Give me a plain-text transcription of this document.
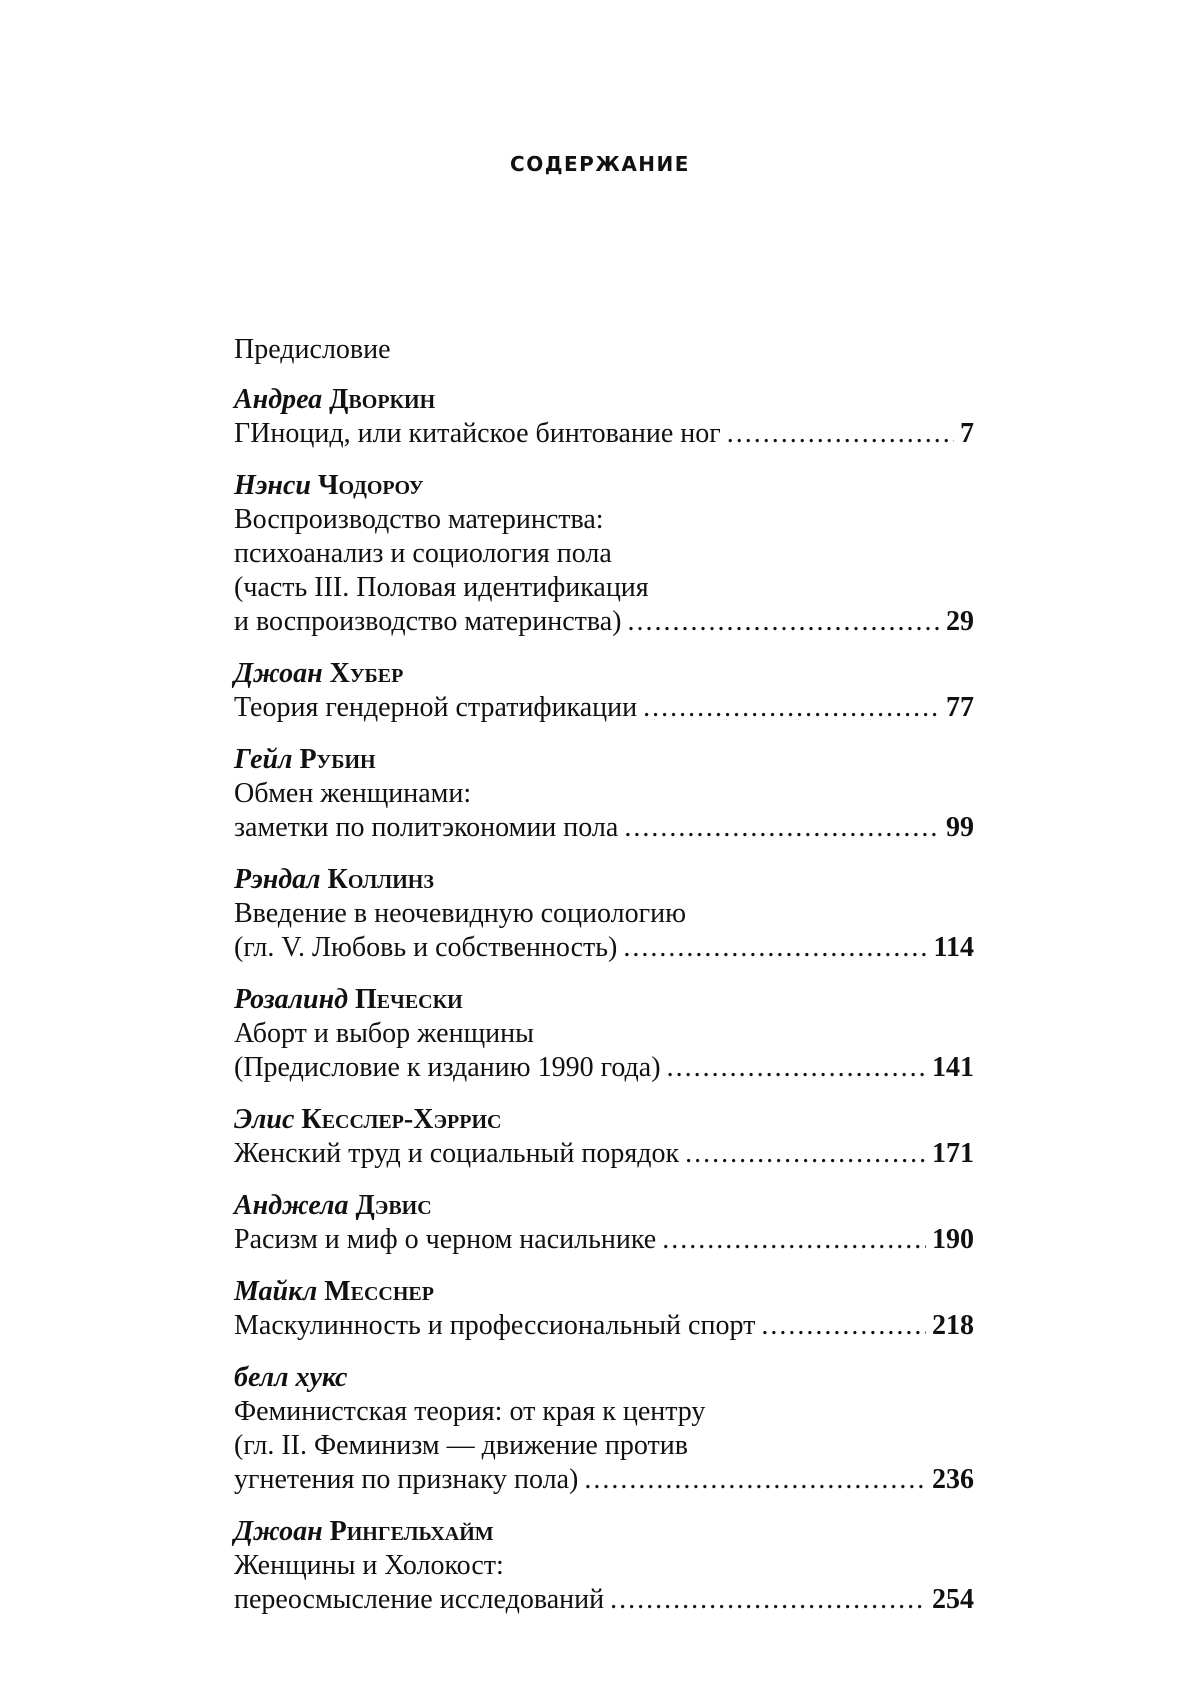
СОДЕРЖАНИЕ
Предисловие
Андреа Дворкин
ГИноцид, или китайское бинтование ног .....	7
Нэнси Чодороу
Воспроизводство материнства:
психоанализ и социология пола
(часть III. Половая идентификация
и воспроизводство материнства) .....	29
Джоан Хубер
Теория гендерной стратификации .....	77
Гейл Рубин
Обмен женщинами:
заметки по политэкономии пола .....	99
Рэндал Коллинз
Введение в неочевидную социологию
(гл. V. Любовь и собственность) .....	114
Розалинд Печески
Аборт и выбор женщины
(Предисловие к изданию 1990 года) .....	141
Элис Кесслер-Хэррис
Женский труд и социальный порядок .....	171
Анджела Дэвис
Расизм и миф о черном насильнике .....	190
Майкл Месснер
Маскулинность и профессиональный спорт .....	218
белл хукс
Феминистская теория: от края к центру
(гл. II. Феминизм — движение против
угнетения по признаку пола) .....	236
Джоан Рингельхайм
Женщины и Холокост:
переосмысление исследований .....	254
